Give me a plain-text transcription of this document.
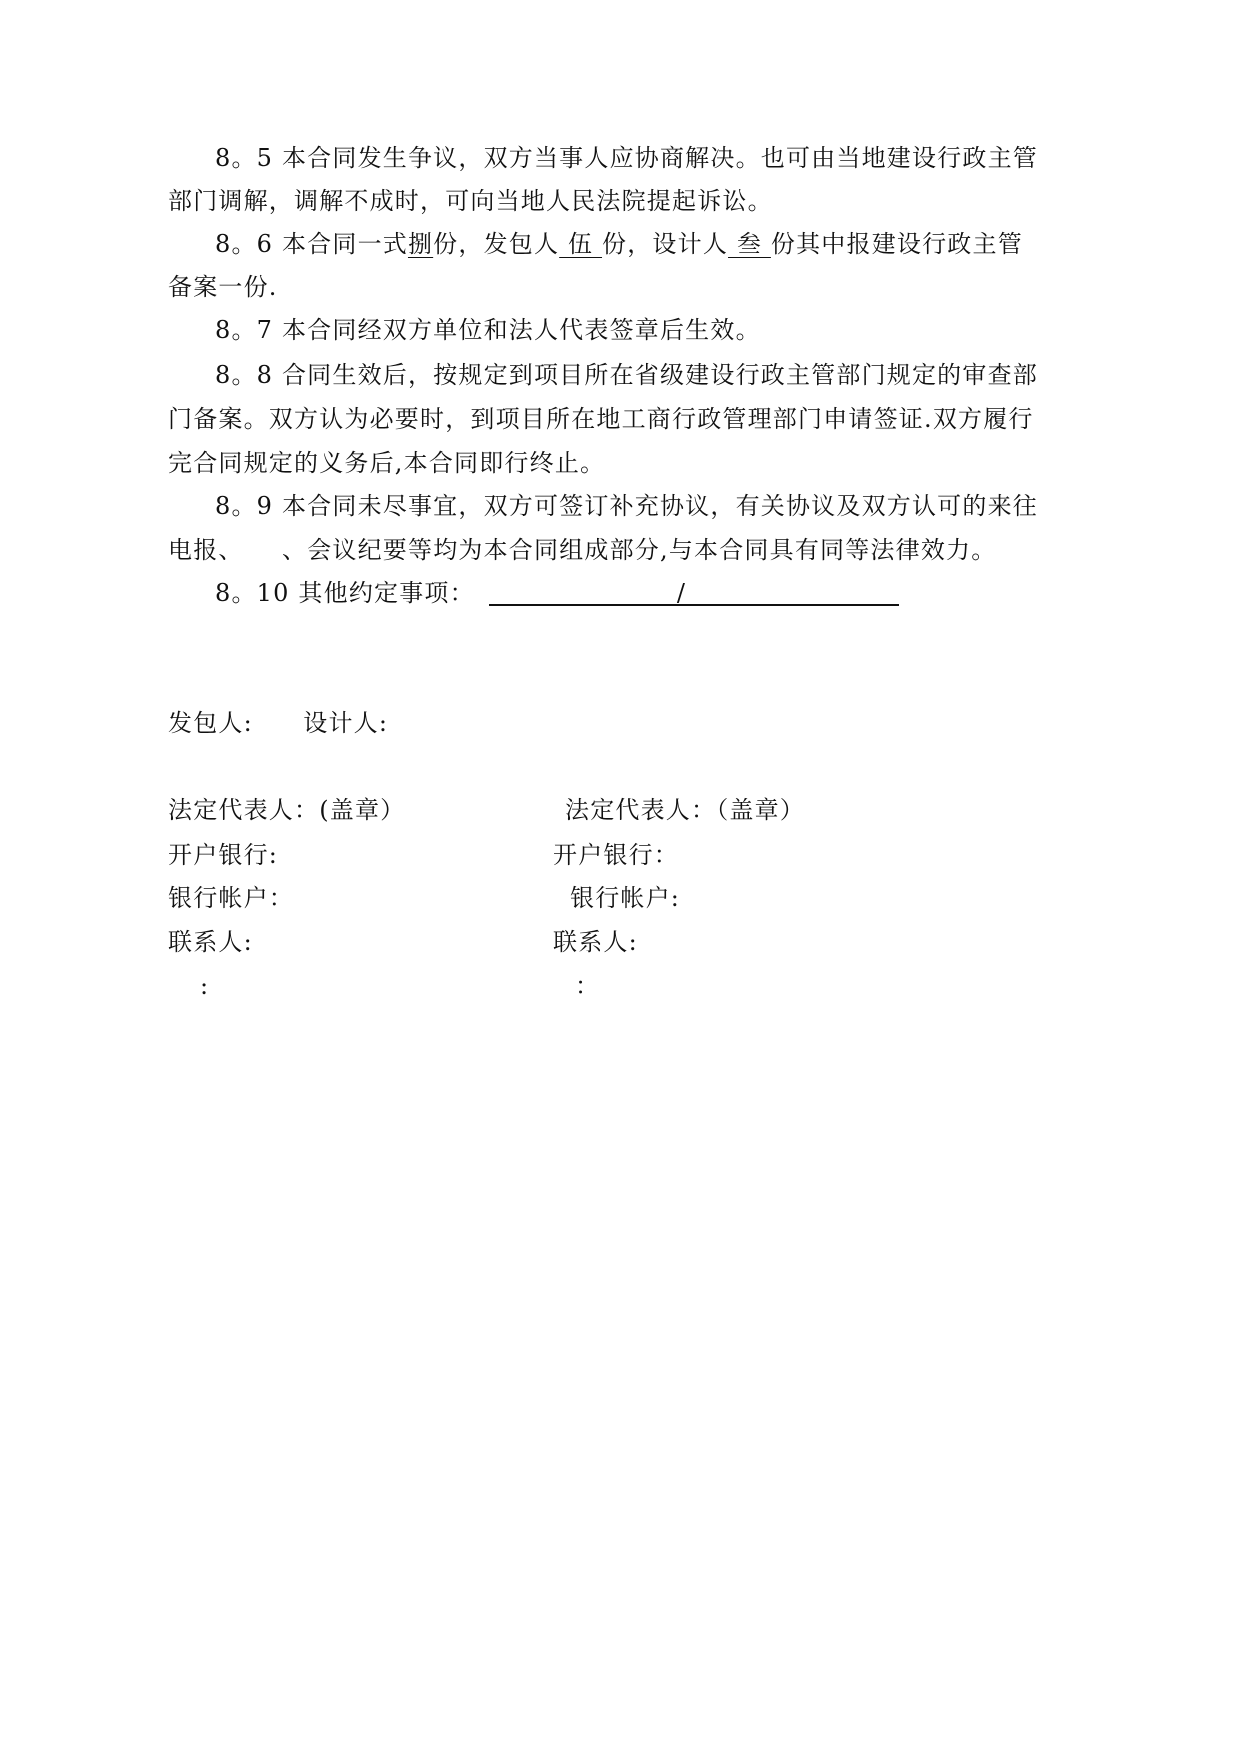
8。5 本合同发生争议，双方当事人应协商解决。也可由当地建设行政主管
部门调解，调解不成时，可向当地人民法院提起诉讼。
8。6 本合同一式捌份，发包人 伍 份，设计人 叁 份其中报建设行政主管
备案一份.
8。7 本合同经双方单位和法人代表签章后生效。
8。8 合同生效后，按规定到项目所在省级建设行政主管部门规定的审查部
门备案。双方认为必要时，到项目所在地工商行政管理部门申请签证.双方履行
完合同规定的义务后,本合同即行终止。
8。9 本合同未尽事宜，双方可签订补充协议，有关协议及双方认可的来往
电报、　　、会议纪要等均为本合同组成部分,与本合同具有同等法律效力。
8。10 其他约定事项：	/
发包人:　　设计人:
法定代表人：(盖章）	法定代表人：（盖章）
开户银行:	开户银行：
银行帐户：	银行帐户:
联系人:	联系人:
:	：
